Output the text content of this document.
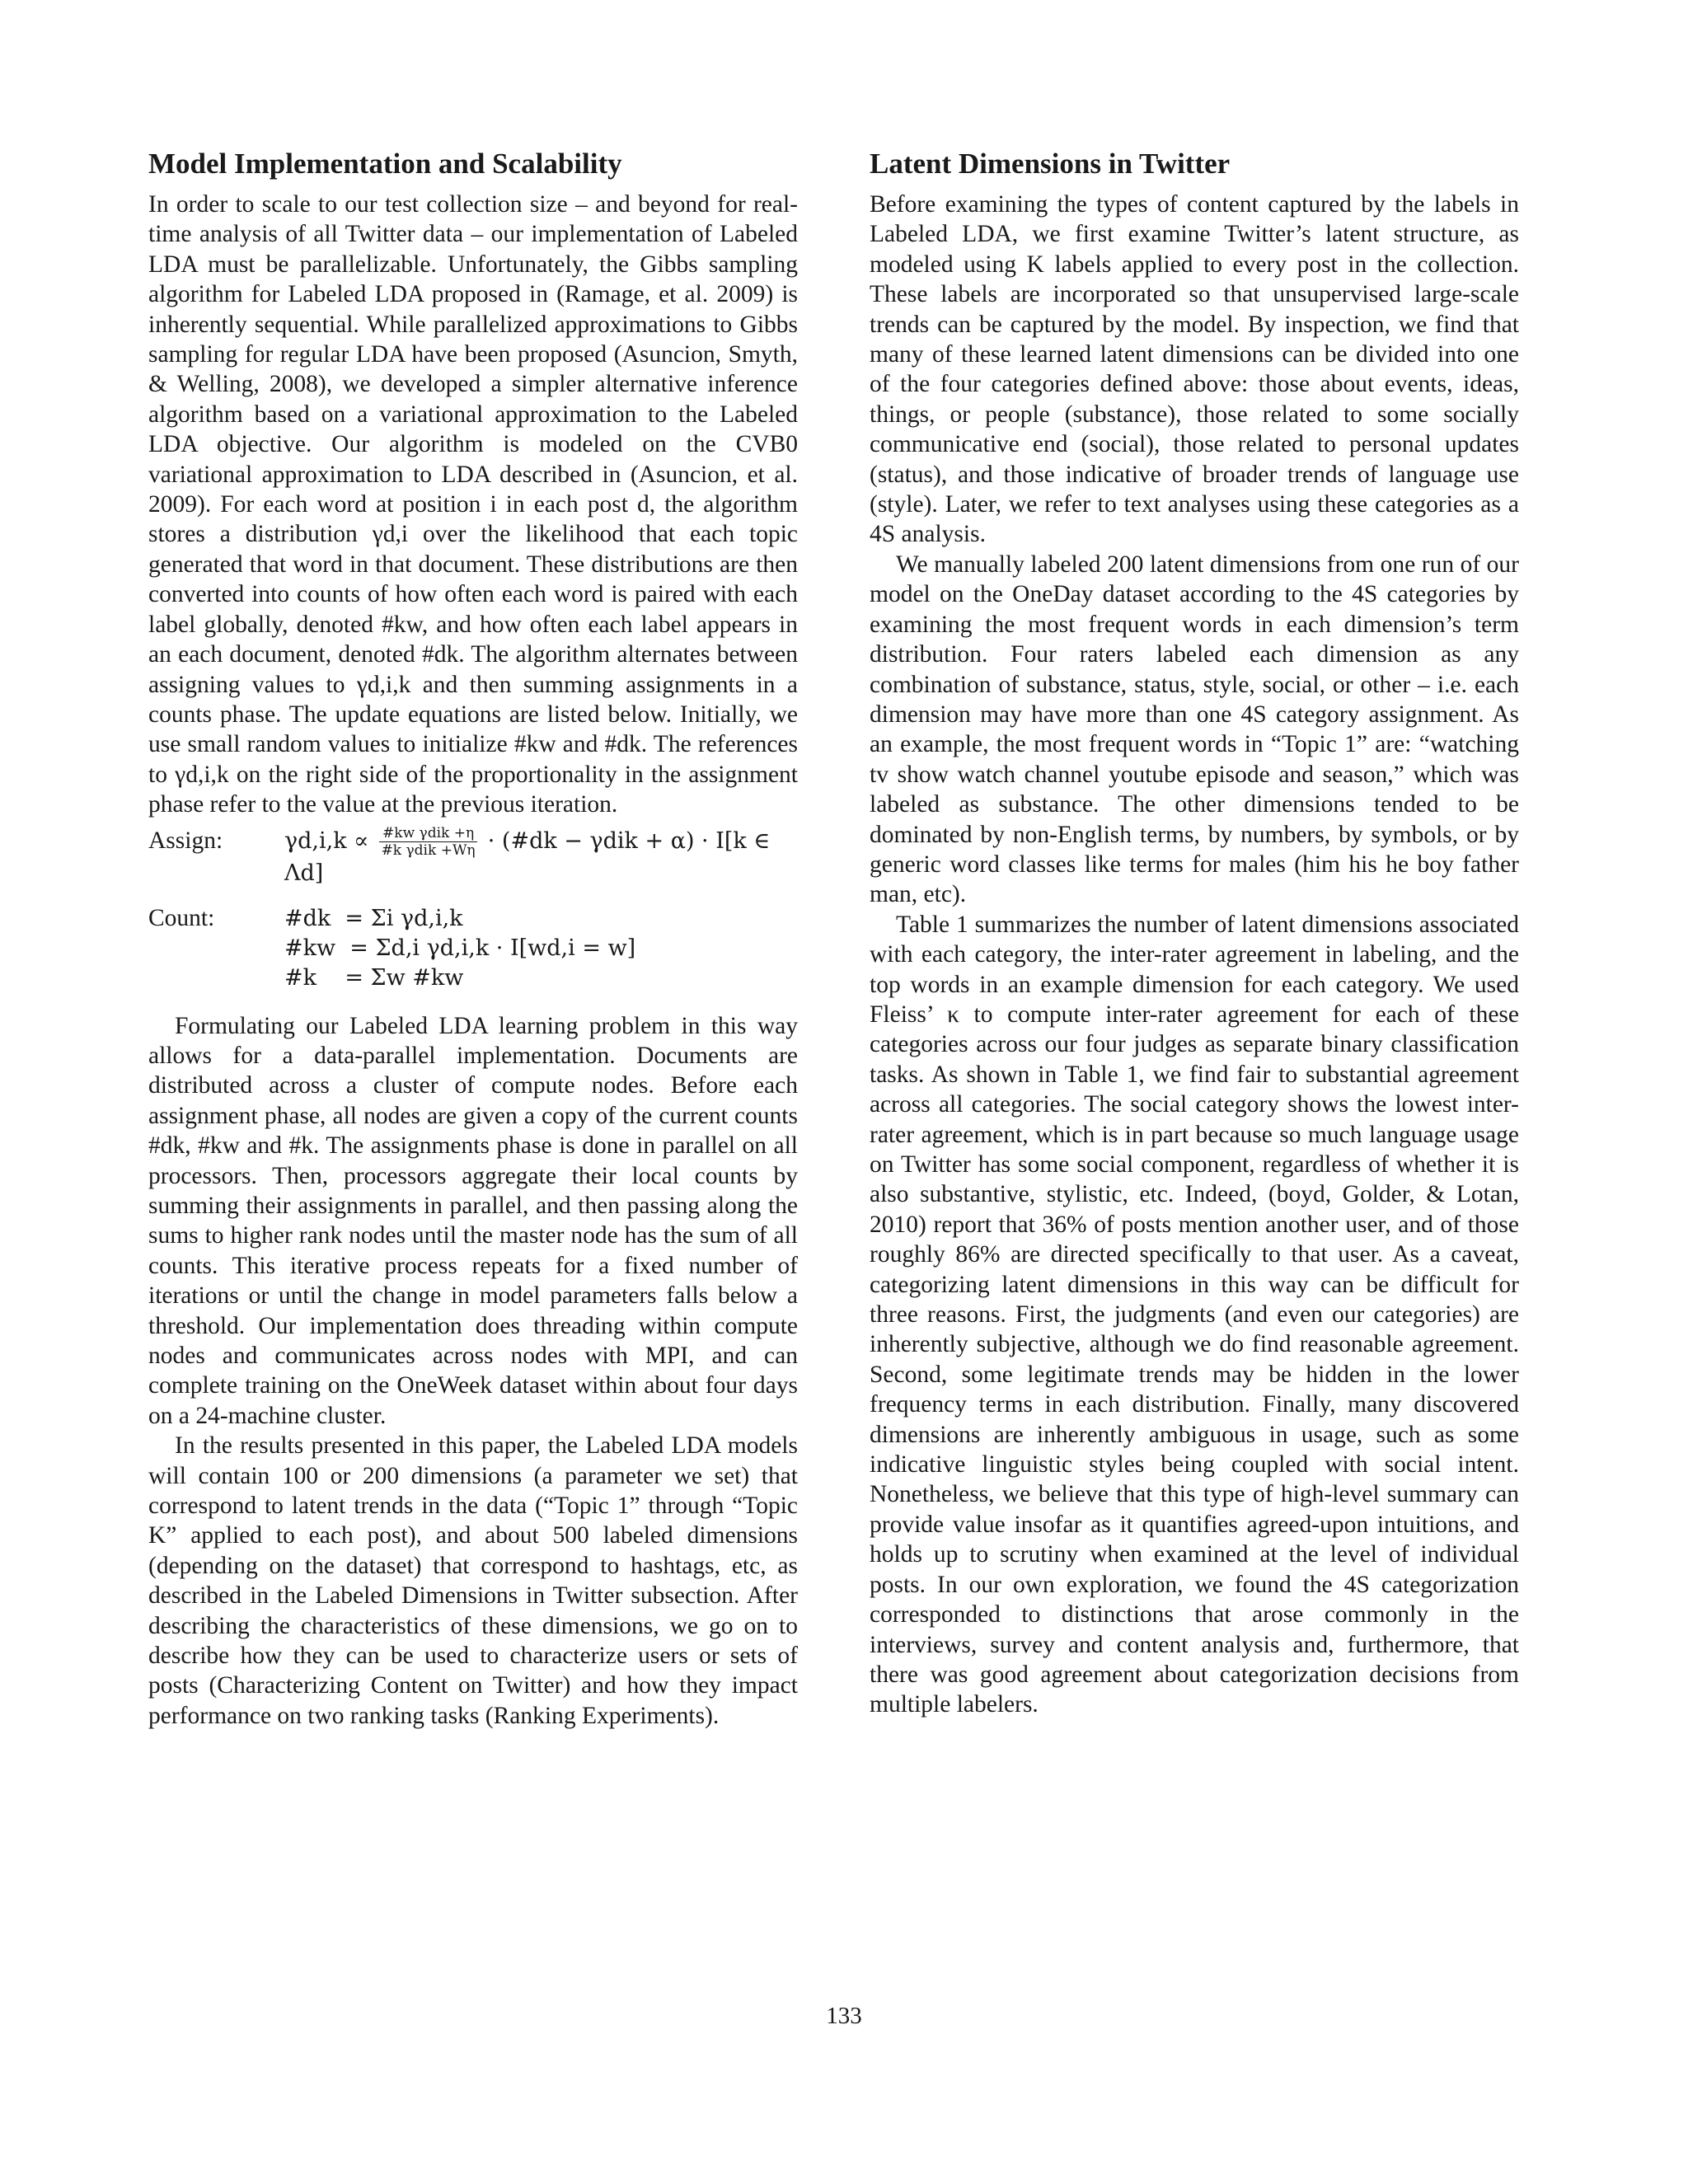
Model Implementation and Scalability

In order to scale to our test collection size – and beyond for real-time analysis of all Twitter data – our implementation of Labeled LDA must be parallelizable. Unfortunately, the Gibbs sampling algorithm for Labeled LDA proposed in (Ramage, et al. 2009) is inherently sequential. While parallelized approximations to Gibbs sampling for regular LDA have been proposed (Asuncion, Smyth, & Welling, 2008), we developed a simpler alternative inference algorithm based on a variational approximation to the Labeled LDA objective. Our algorithm is modeled on the CVB0 variational approximation to LDA described in (Asuncion, et al. 2009). For each word at position i in each post d, the algorithm stores a distribution γd,i over the likelihood that each topic generated that word in that document. These distributions are then converted into counts of how often each word is paired with each label globally, denoted #kw, and how often each label appears in an each document, denoted #dk. The algorithm alternates between assigning values to γd,i,k and then summing assignments in a counts phase. The update equations are listed below. Initially, we use small random values to initialize #kw and #dk. The references to γd,i,k on the right side of the proportionality in the assignment phase refer to the value at the previous iteration.

Assign:	$\gamma d,i,k \propto \frac{\text{\#kw γdik +η}}{\text{\#k γdik +Wη}}$ · (#dk − γdik + α) · I[k ∈ Λd]
Count:	#dk  = Σi γd,i,k
#kw  = Σd,i γd,i,k · I[wd,i = w]
#k    = Σw #kw

Formulating our Labeled LDA learning problem in this way allows for a data-parallel implementation. Documents are distributed across a cluster of compute nodes. Before each assignment phase, all nodes are given a copy of the current counts #dk, #kw and #k. The assignments phase is done in parallel on all processors. Then, processors aggregate their local counts by summing their assignments in parallel, and then passing along the sums to higher rank nodes until the master node has the sum of all counts. This iterative process repeats for a fixed number of iterations or until the change in model parameters falls below a threshold. Our implementation does threading within compute nodes and communicates across nodes with MPI, and can complete training on the OneWeek dataset within about four days on a 24-machine cluster.

In the results presented in this paper, the Labeled LDA models will contain 100 or 200 dimensions (a parameter we set) that correspond to latent trends in the data (“Topic 1” through “Topic K” applied to each post), and about 500 labeled dimensions (depending on the dataset) that correspond to hashtags, etc, as described in the Labeled Dimensions in Twitter subsection. After describing the characteristics of these dimensions, we go on to describe how they can be used to characterize users or sets of posts (Characterizing Content on Twitter) and how they impact performance on two ranking tasks (Ranking Experiments).

Latent Dimensions in Twitter

Before examining the types of content captured by the labels in Labeled LDA, we first examine Twitter’s latent structure, as modeled using K labels applied to every post in the collection. These labels are incorporated so that unsupervised large-scale trends can be captured by the model. By inspection, we find that many of these learned latent dimensions can be divided into one of the four categories defined above: those about events, ideas, things, or people (substance), those related to some socially communicative end (social), those related to personal updates (status), and those indicative of broader trends of language use (style). Later, we refer to text analyses using these categories as a 4S analysis.

We manually labeled 200 latent dimensions from one run of our model on the OneDay dataset according to the 4S categories by examining the most frequent words in each dimension’s term distribution. Four raters labeled each dimension as any combination of substance, status, style, social, or other – i.e. each dimension may have more than one 4S category assignment. As an example, the most frequent words in “Topic 1” are: “watching tv show watch channel youtube episode and season,” which was labeled as substance. The other dimensions tended to be dominated by non-English terms, by numbers, by symbols, or by generic word classes like terms for males (him his he boy father man, etc).

Table 1 summarizes the number of latent dimensions associated with each category, the inter-rater agreement in labeling, and the top words in an example dimension for each category. We used Fleiss’ κ to compute inter-rater agreement for each of these categories across our four judges as separate binary classification tasks. As shown in Table 1, we find fair to substantial agreement across all categories. The social category shows the lowest inter-rater agreement, which is in part because so much language usage on Twitter has some social component, regardless of whether it is also substantive, stylistic, etc. Indeed, (boyd, Golder, & Lotan, 2010) report that 36% of posts mention another user, and of those roughly 86% are directed specifically to that user. As a caveat, categorizing latent dimensions in this way can be difficult for three reasons. First, the judgments (and even our categories) are inherently subjective, although we do find reasonable agreement. Second, some legitimate trends may be hidden in the lower frequency terms in each distribution. Finally, many discovered dimensions are inherently ambiguous in usage, such as some indicative linguistic styles being coupled with social intent. Nonetheless, we believe that this type of high-level summary can provide value insofar as it quantifies agreed-upon intuitions, and holds up to scrutiny when examined at the level of individual posts. In our own exploration, we found the 4S categorization corresponded to distinctions that arose commonly in the interviews, survey and content analysis and, furthermore, that there was good agreement about categorization decisions from multiple labelers.

133
